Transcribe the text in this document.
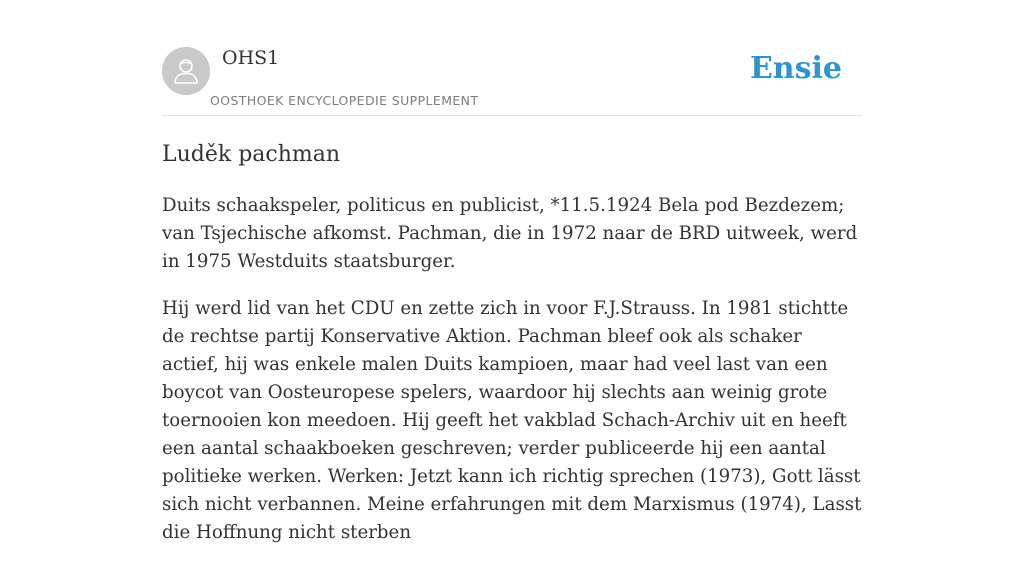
OHS1
OOSTHOEK ENCYCLOPEDIE SUPPLEMENT
Ensie
Luděk pachman

Duits schaakspeler, politicus en publicist, *11.5.1924 Bela pod Bezdezem; van Tsjechische afkomst. Pachman, die in 1972 naar de BRD uitweek, werd in 1975 Westduits staatsburger.

Hij werd lid van het CDU en zette zich in voor F.J.Strauss. In 1981 stichtte de rechtse partij Konservative Aktion. Pachman bleef ook als schaker actief, hij was enkele malen Duits kampioen, maar had veel last van een boycot van Oosteuropese spelers, waardoor hij slechts aan weinig grote toernooien kon meedoen. Hij geeft het vakblad Schach-Archiv uit en heeft een aantal schaakboeken geschreven; verder publiceerde hij een aantal politieke werken. Werken: Jetzt kann ich richtig sprechen (1973), Gott lässt sich nicht verbannen. Meine erfahrungen mit dem Marxismus (1974), Lasst die Hoffnung nicht sterben
